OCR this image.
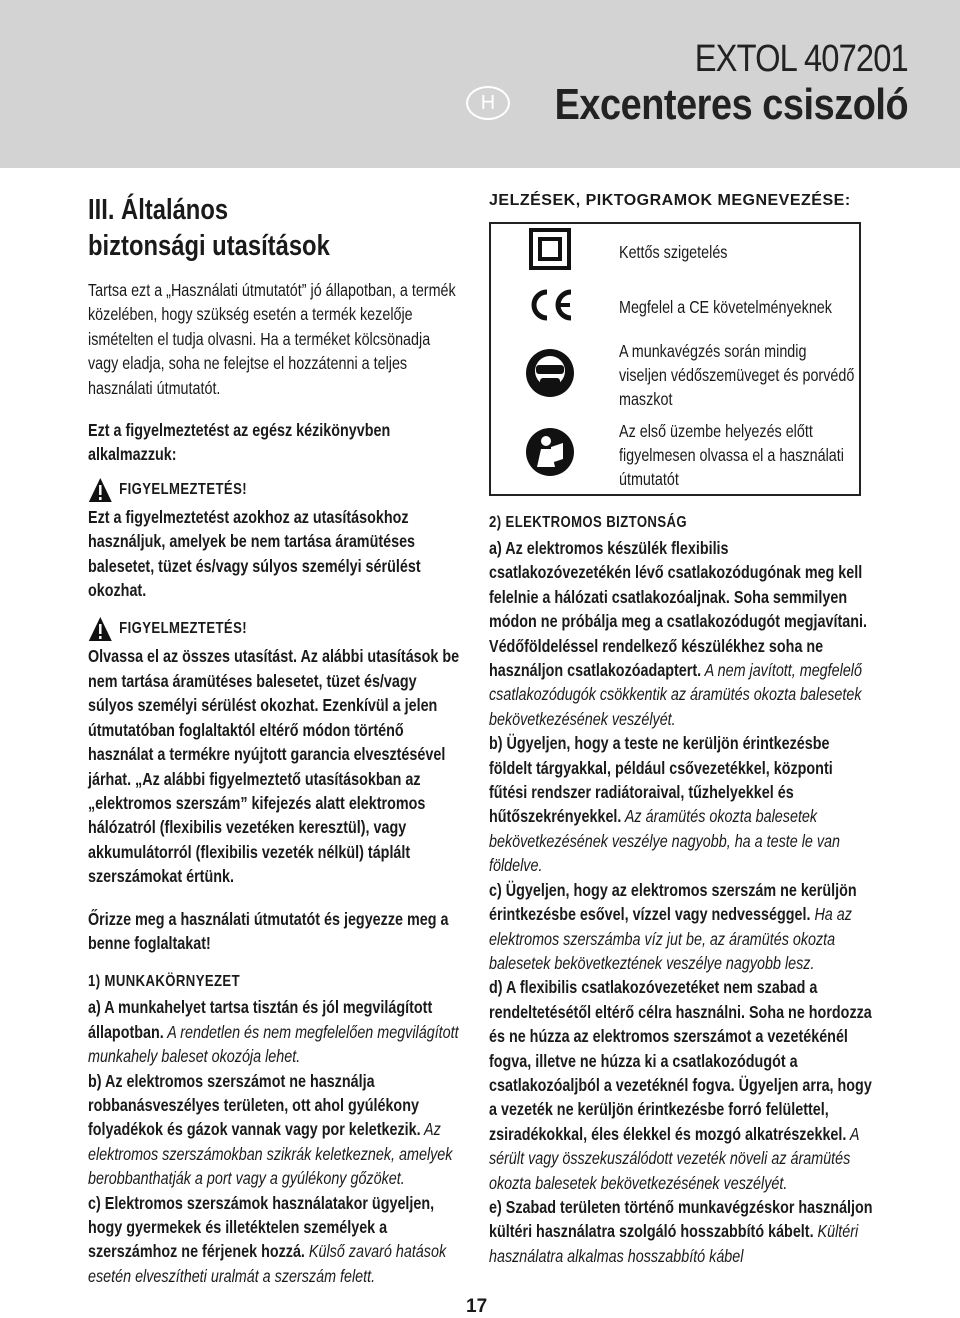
H
EXTOL 407201
Excenteres csiszoló
III. Általános
biztonsági utasítások

Tartsa ezt a „Használati útmutatót” jó állapotban, a termék közelében, hogy szükség esetén a termék kezelője ismételten el tudja olvasni. Ha a terméket kölcsönadja vagy eladja, soha ne felejtse el hozzátenni a teljes használati útmutatót.

Ezt a figyelmeztetést az egész kézikönyvben alkalmazzuk:

FIGYELMEZTETÉS!

Ezt a figyelmeztetést azokhoz az utasításokhoz használjuk, amelyek be nem tartása áramütéses balesetet, tüzet és/vagy súlyos személyi sérülést okozhat.

FIGYELMEZTETÉS!

Olvassa el az összes utasítást. Az alábbi utasítások be nem tartása áramütéses balesetet, tüzet és/vagy súlyos személyi sérülést okozhat. Ezenkívül a jelen útmutatóban foglaltaktól eltérő módon történő használat a termékre nyújtott garancia elvesztésével járhat. „Az alábbi figyelmeztető utasításokban az „elektromos szerszám” kifejezés alatt elektromos hálózatról (flexibilis vezetéken keresztül), vagy akkumulátorról (flexibilis vezeték nélkül) táplált szerszámokat értünk.

Őrizze meg a használati útmutatót és jegyezze meg a benne foglaltakat!

1) MUNKAKÖRNYEZET

a) A munkahelyet tartsa tisztán és jól megvilágított állapotban. A rendetlen és nem megfelelően megvilágított munkahely baleset okozója lehet.

b) Az elektromos szerszámot ne használja robbanásveszélyes területen, ott ahol gyúlékony folyadékok és gázok vannak vagy por keletkezik. Az elektromos szerszámokban szikrák keletkeznek, amelyek berobbanthatják a port vagy a gyúlékony gőzöket.

c) Elektromos szerszámok használatakor ügyeljen, hogy gyermekek és illetéktelen személyek a szerszámhoz ne férjenek hozzá. Külső zavaró hatások esetén elveszítheti uralmát a szerszám felett.

JELZÉSEK, PIKTOGRAMOK MEGNEVEZÉSE:

Kettős szigetelés

Megfelel a CE követelményeknek

A munkavégzés során mindig viseljen védőszemüveget és porvédő maszkot

Az első üzembe helyezés előtt figyelmesen olvassa el a használati útmutatót
2) ELEKTROMOS BIZTONSÁG

a) Az elektromos készülék flexibilis csatlakozóvezetékén lévő csatlakozódugónak meg kell felelnie a hálózati csatlakozóaljnak. Soha semmilyen módon ne próbálja meg a csatlakozódugót megjavítani. Védőföldeléssel rendelkező készülékhez soha ne használjon csatlakozóadaptert. A nem javított, megfelelő csatlakozódugók csökkentik az áramütés okozta balesetek bekövetkezésének veszélyét.

b) Ügyeljen, hogy a teste ne kerüljön érintkezésbe földelt tárgyakkal, például csővezetékkel, központi fűtési rendszer radiátoraival, tűzhelyekkel és hűtőszekrényekkel. Az áramütés okozta balesetek bekövetkezésének veszélye nagyobb, ha a teste le van földelve.

c) Ügyeljen, hogy az elektromos szerszám ne kerüljön érintkezésbe esővel, vízzel vagy nedvességgel. Ha az elektromos szerszámba víz jut be, az áramütés okozta balesetek bekövetkeztének veszélye nagyobb lesz.

d) A flexibilis csatlakozóvezetéket nem szabad a rendeltetésétől eltérő célra használni. Soha ne hordozza és ne húzza az elektromos szerszámot a vezetékénél fogva, illetve ne húzza ki a csatlakozódugót a csatlakozóaljból a vezetéknél fogva. Ügyeljen arra, hogy a vezeték ne kerüljön érintkezésbe forró felülettel, zsiradékokkal, éles élekkel és mozgó alkatrészekkel. A sérült vagy összekuszálódott vezeték növeli az áramütés okozta balesetek bekövetkezésének veszélyét.

e) Szabad területen történő munkavégzéskor használjon kültéri használatra szolgáló hosszabbító kábelt. Kültéri használatra alkalmas hosszabbító kábel

17
